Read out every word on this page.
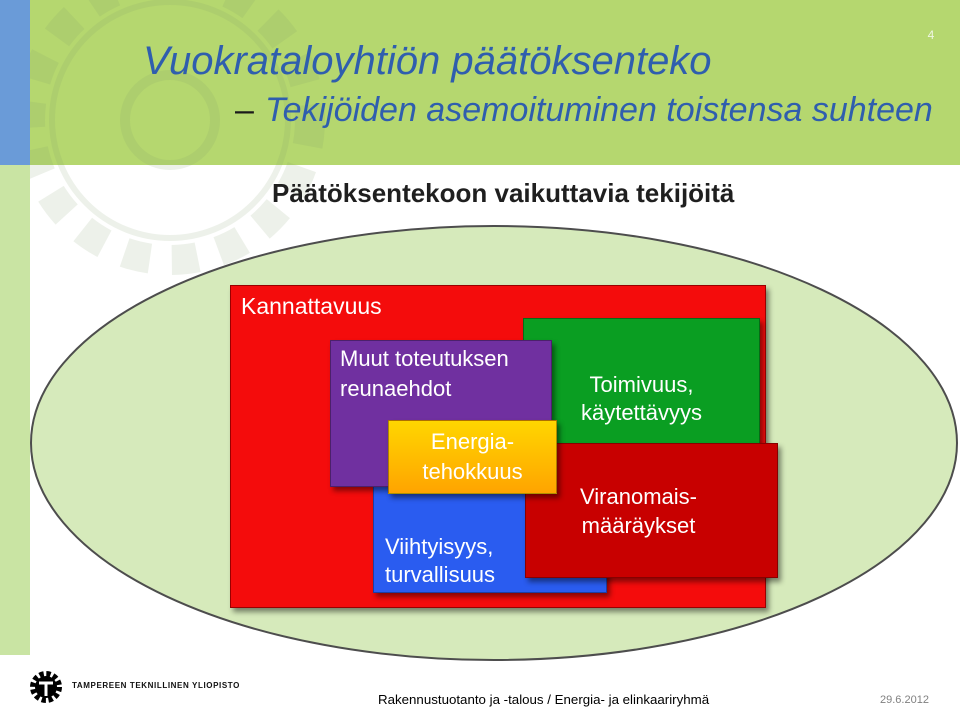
4
Vuokrataloyhtiön päätöksenteko
– Tekijöiden asemoituminen toistensa suhteen
Päätöksentekoon vaikuttavia tekijöitä
Kannattavuus
Toimivuus,
käytettävyys
Viihtyisyys,
turvallisuus
Muut toteutuksen
reunaehdot
Viranomais-
määräykset
Energia-
tehokkuus
TAMPEREEN TEKNILLINEN YLIOPISTO
Rakennustuotanto ja -talous / Energia- ja elinkaariryhmä	29.6.2012
